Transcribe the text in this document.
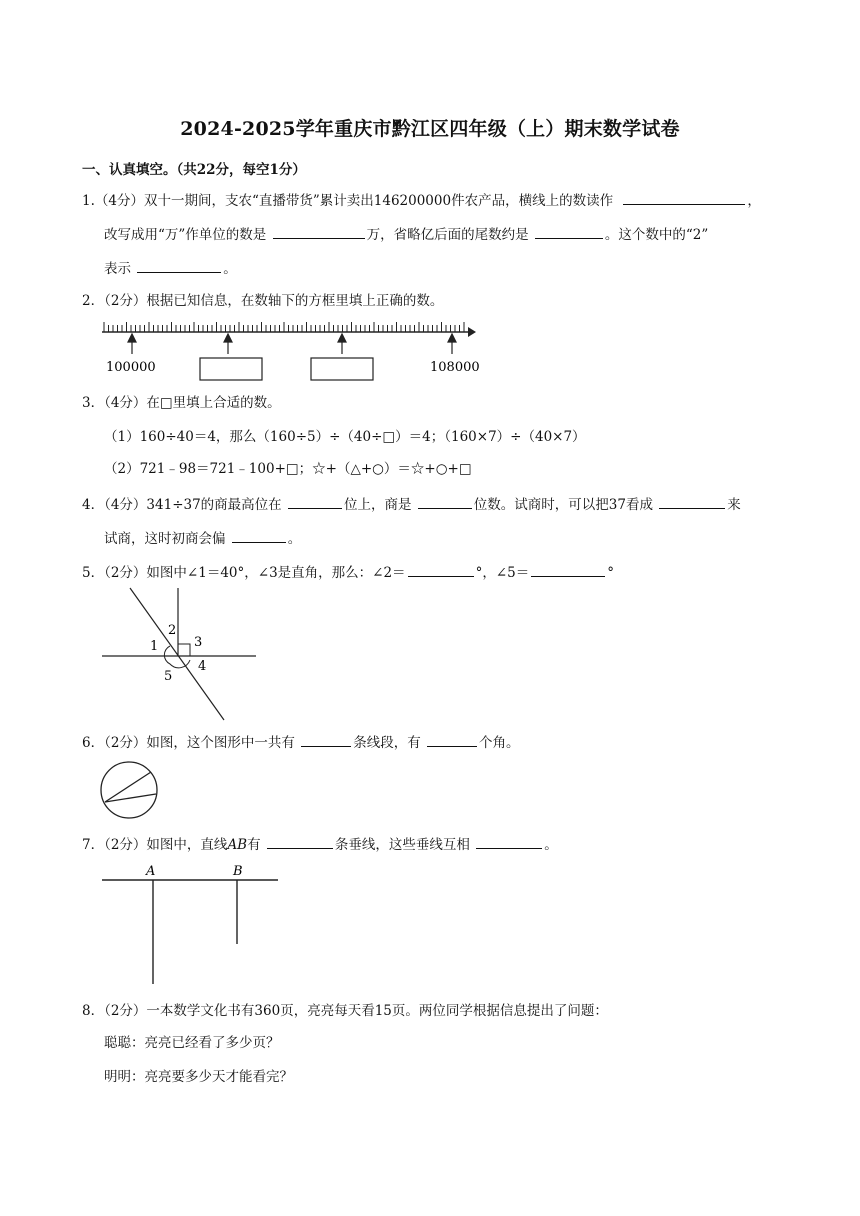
2024-2025学年重庆市黔江区四年级（上）期末数学试卷
一、认真填空。（共22分，每空1分）
1.（4分）双十一期间，支农“直播带货”累计卖出146200000件农产品，横线上的数读作	，
改写成用“万”作单位的数是	万，省略亿后面的尾数约是	。这个数中的“2”
表示	。
2．（2分）根据已知信息，在数轴下的方框里填上正确的数。
100000	108000
3．（4分）在□里填上合适的数。
（1）160÷40＝4，那么（160÷5）÷（40÷□）＝4；（160×7）÷（40×7）
（2）721﹣98＝721﹣100+□；☆+（△+○）＝☆+○+□
4．（4分）341÷37的商最高位在	位上，商是	位数。试商时，可以把37看成	来
试商，这时初商会偏	。
5．（2分）如图中∠1＝40°，∠3是直角，那么：∠2＝	°，∠5＝	°
1
2
3
4
5
6．（2分）如图，这个图形中一共有	条线段，有	个角。
7．（2分）如图中，直线AB有	条垂线，这些垂线互相	。
A	B
8．（2分）一本数学文化书有360页，亮亮每天看15页。两位同学根据信息提出了问题：
聪聪：亮亮已经看了多少页？
明明：亮亮要多少天才能看完？
